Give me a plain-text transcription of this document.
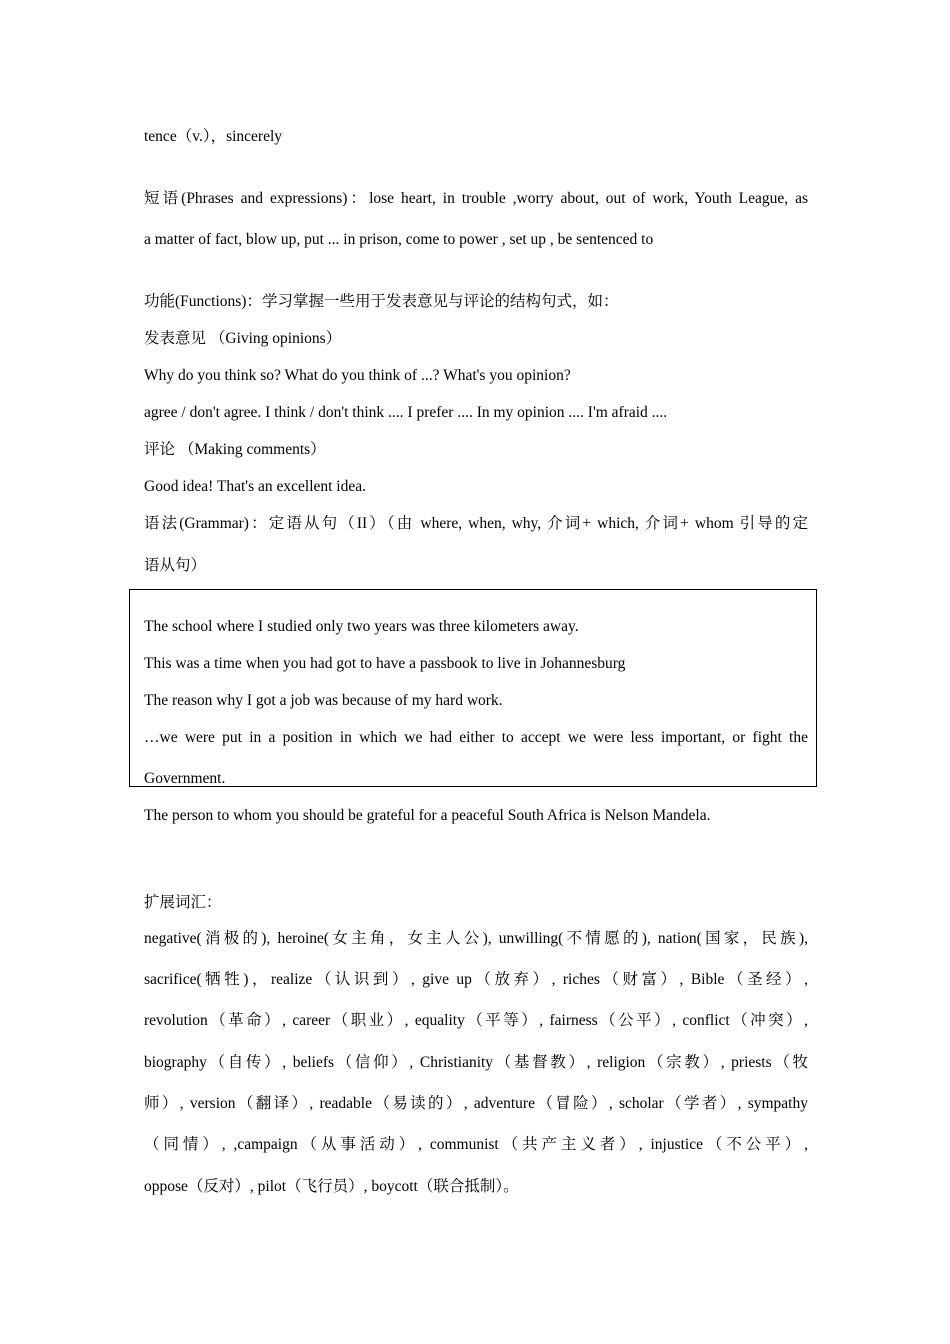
tence（v.），sincerely
短语(Phrases and expressions)：lose heart, in trouble ,worry about, out of work, Youth League, as
a matter of fact, blow up, put ... in prison, come to power , set up , be sentenced to
功能(Functions)：学习掌握一些用于发表意见与评论的结构句式，如：
发表意见 （Giving opinions）
Why do you think so? What do you think of ...? What's you opinion?
agree / don't agree. I think / don't think .... I prefer .... In my opinion .... I'm afraid ....
评论 （Making comments）
Good idea! That's an excellent idea.
语法(Grammar)：定语从句（II）（由 where, when, why, 介词+ which, 介词+ whom 引导的定
语从句）
The school where I studied only two years was three kilometers away.
This was a time when you had got to have a passbook to live in Johannesburg
The reason why I got a job was because of my hard work.
…we were put in a position in which we had either to accept we were less important, or fight the
Government.
The person to whom you should be grateful for a peaceful South Africa is Nelson Mandela.
扩展词汇：
negative(消极的), heroine(女主角，女主人公), unwilling(不情愿的), nation(国家，民族),
sacrifice(牺牲)，realize（认识到）, give up（放弃）, riches（财富）, Bible（圣经）,
revolution（革命）, career（职业）, equality（平等）, fairness（公平）, conflict（冲突）,
biography（自传）, beliefs（信仰）, Christianity（基督教）, religion（宗教）, priests（牧
师）, version（翻译）, readable（易读的）, adventure（冒险）, scholar（学者）, sympathy
（同情）, ,campaign（从事活动）, communist（共产主义者）, injustice（不公平）,
oppose（反对）, pilot（飞行员）, boycott（联合抵制）。
